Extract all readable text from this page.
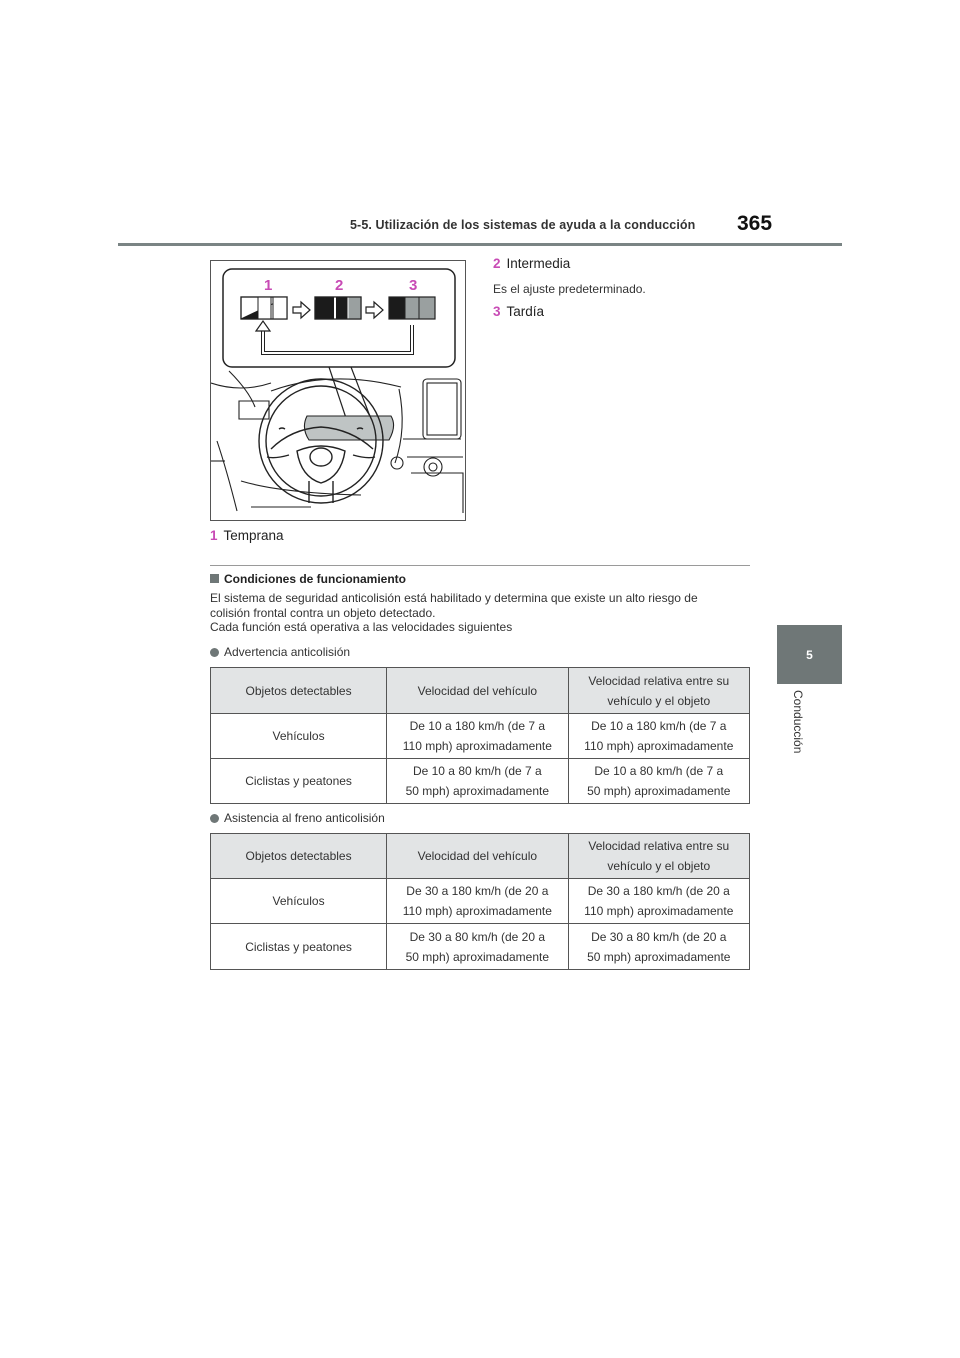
5-5. Utilización de los sistemas de ayuda a la conducción 365
5
Conducción
1	2	3
1 Temprana
2 Intermedia
Es el ajuste predeterminado.
3 Tardía
Condiciones de funcionamiento
El sistema de seguridad anticolisión está habilitado y determina que existe un alto riesgo de
colisión frontal contra un objeto detectado.
Cada función está operativa a las velocidades siguientes
Advertencia anticolisión
Objetos detectables	Velocidad del vehículo	Velocidad relativa entre su
vehículo y el objeto

Vehículos	De 10 a 180 km/h (de 7 a
110 mph) aproximadamente	De 10 a 180 km/h (de 7 a
110 mph) aproximadamente

Ciclistas y peatones	De 10 a 80 km/h (de 7 a
50 mph) aproximadamente	De 10 a 80 km/h (de 7 a
50 mph) aproximadamente
Asistencia al freno anticolisión
Objetos detectables	Velocidad del vehículo	Velocidad relativa entre su
vehículo y el objeto

Vehículos	De 30 a 180 km/h (de 20 a
110 mph) aproximadamente	De 30 a 180 km/h (de 20 a
110 mph) aproximadamente

Ciclistas y peatones	De 30 a 80 km/h (de 20 a
50 mph) aproximadamente	De 30 a 80 km/h (de 20 a
50 mph) aproximadamente
